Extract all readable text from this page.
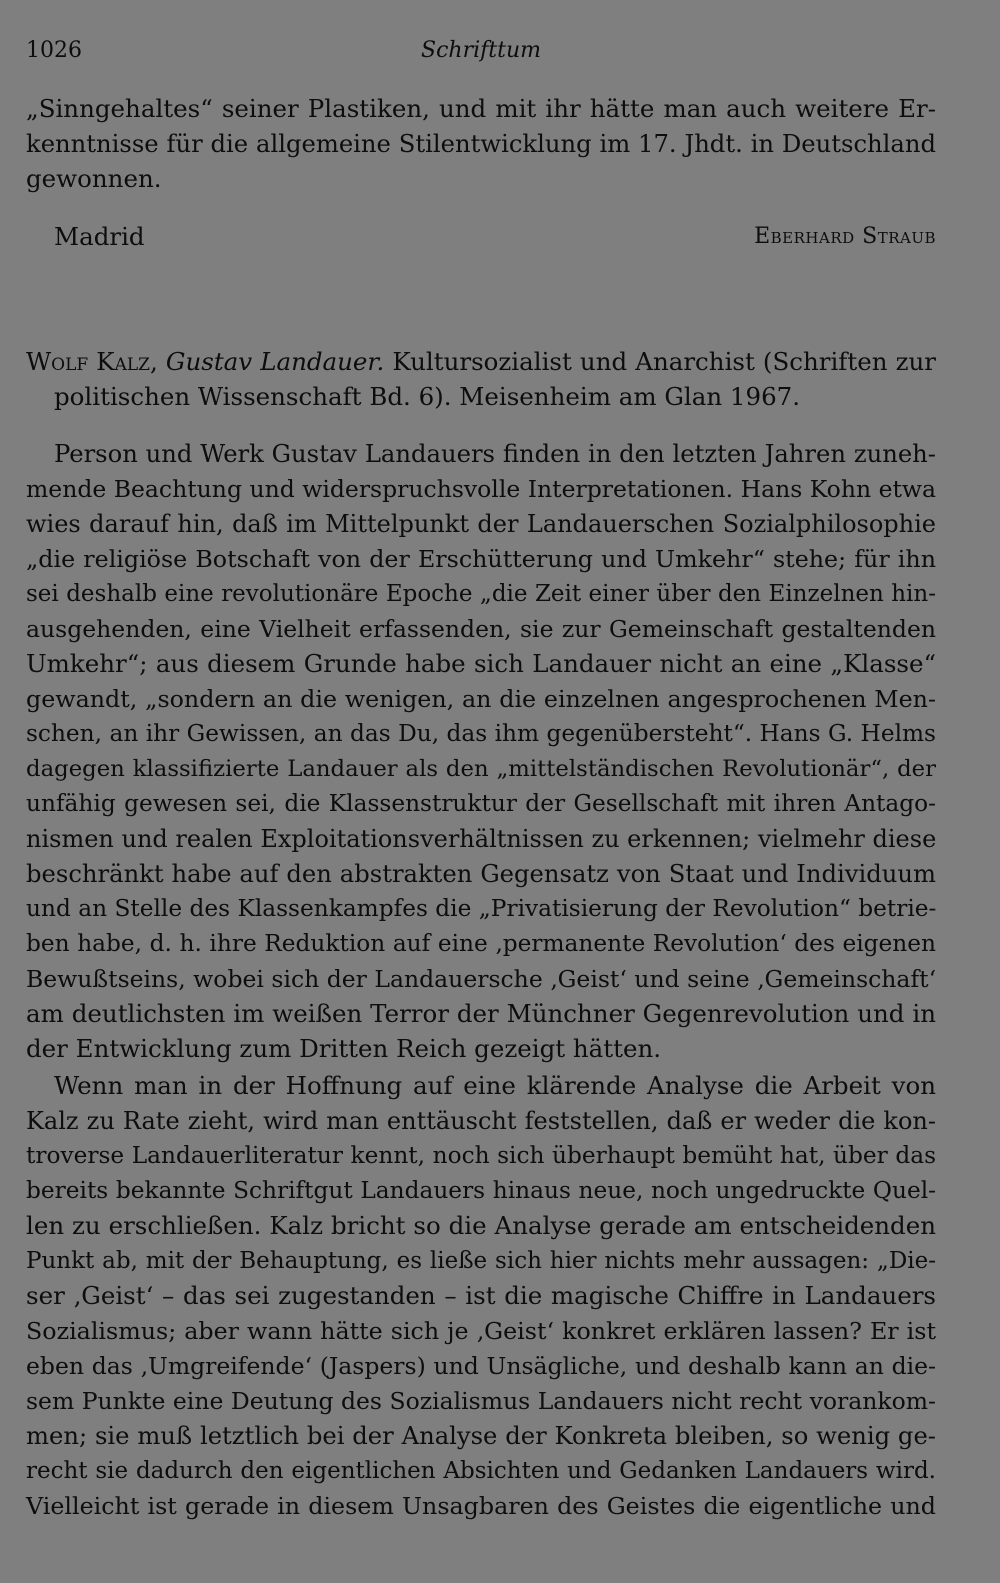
1026	Schrifttum
„Sinngehaltes“ seiner Plastiken, und mit ihr hätte man auch weitere Er-
kenntnisse für die allgemeine Stilentwicklung im 17. Jhdt. in Deutschland
gewonnen.
Madrid	Eberhard Straub
Wolf Kalz, Gustav Landauer. Kultursozialist und Anarchist (Schriften zur
politischen Wissenschaft Bd. 6). Meisenheim am Glan 1967.
Person und Werk Gustav Landauers finden in den letzten Jahren zuneh-
mende Beachtung und widerspruchsvolle Interpretationen. Hans Kohn etwa
wies darauf hin, daß im Mittelpunkt der Landauerschen Sozialphilosophie
„die religiöse Botschaft von der Erschütterung und Umkehr“ stehe; für ihn
sei deshalb eine revolutionäre Epoche „die Zeit einer über den Einzelnen hin-
ausgehenden, eine Vielheit erfassenden, sie zur Gemeinschaft gestaltenden
Umkehr“; aus diesem Grunde habe sich Landauer nicht an eine „Klasse“
gewandt, „sondern an die wenigen, an die einzelnen angesprochenen Men-
schen, an ihr Gewissen, an das Du, das ihm gegenübersteht“. Hans G. Helms
dagegen klassifizierte Landauer als den „mittelständischen Revolutionär“, der
unfähig gewesen sei, die Klassenstruktur der Gesellschaft mit ihren Antago-
nismen und realen Exploitationsverhältnissen zu erkennen; vielmehr diese
beschränkt habe auf den abstrakten Gegensatz von Staat und Individuum
und an Stelle des Klassenkampfes die „Privatisierung der Revolution“ betrie-
ben habe, d. h. ihre Reduktion auf eine ‚permanente Revolution‘ des eigenen
Bewußtseins, wobei sich der Landauersche ‚Geist‘ und seine ‚Gemeinschaft‘
am deutlichsten im weißen Terror der Münchner Gegenrevolution und in
der Entwicklung zum Dritten Reich gezeigt hätten.
Wenn man in der Hoffnung auf eine klärende Analyse die Arbeit von
Kalz zu Rate zieht, wird man enttäuscht feststellen, daß er weder die kon-
troverse Landauerliteratur kennt, noch sich überhaupt bemüht hat, über das
bereits bekannte Schriftgut Landauers hinaus neue, noch ungedruckte Quel-
len zu erschließen. Kalz bricht so die Analyse gerade am entscheidenden
Punkt ab, mit der Behauptung, es ließe sich hier nichts mehr aussagen: „Die-
ser ‚Geist‘ – das sei zugestanden – ist die magische Chiffre in Landauers
Sozialismus; aber wann hätte sich je ‚Geist‘ konkret erklären lassen? Er ist
eben das ‚Umgreifende‘ (Jaspers) und Unsägliche, und deshalb kann an die-
sem Punkte eine Deutung des Sozialismus Landauers nicht recht vorankom-
men; sie muß letztlich bei der Analyse der Konkreta bleiben, so wenig ge-
recht sie dadurch den eigentlichen Absichten und Gedanken Landauers wird.
Vielleicht ist gerade in diesem Unsagbaren des Geistes die eigentliche und
